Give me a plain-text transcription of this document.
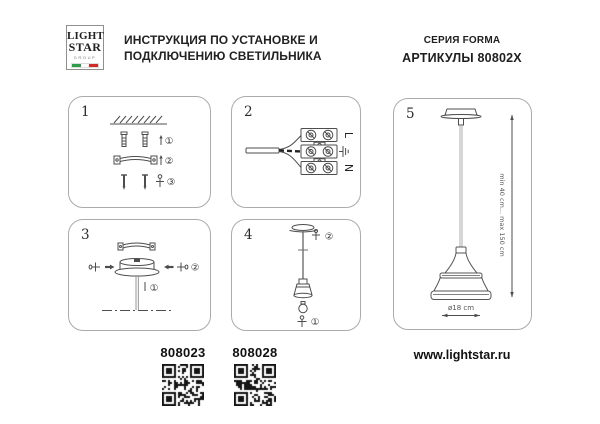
LIGHT
STAR
GROUP
ИНСТРУКЦИЯ ПО УСТАНОВКЕ И
ПОДКЛЮЧЕНИЮ СВЕТИЛЬНИКА
СЕРИЯ FORMA
АРТИКУЛЫ 80802X
1
①
②
③
2
L
N
3
②
①
4	②
①
5
min 40 cm... max 150 cm
ø18 cm
808023	808028	www.lightstar.ru
